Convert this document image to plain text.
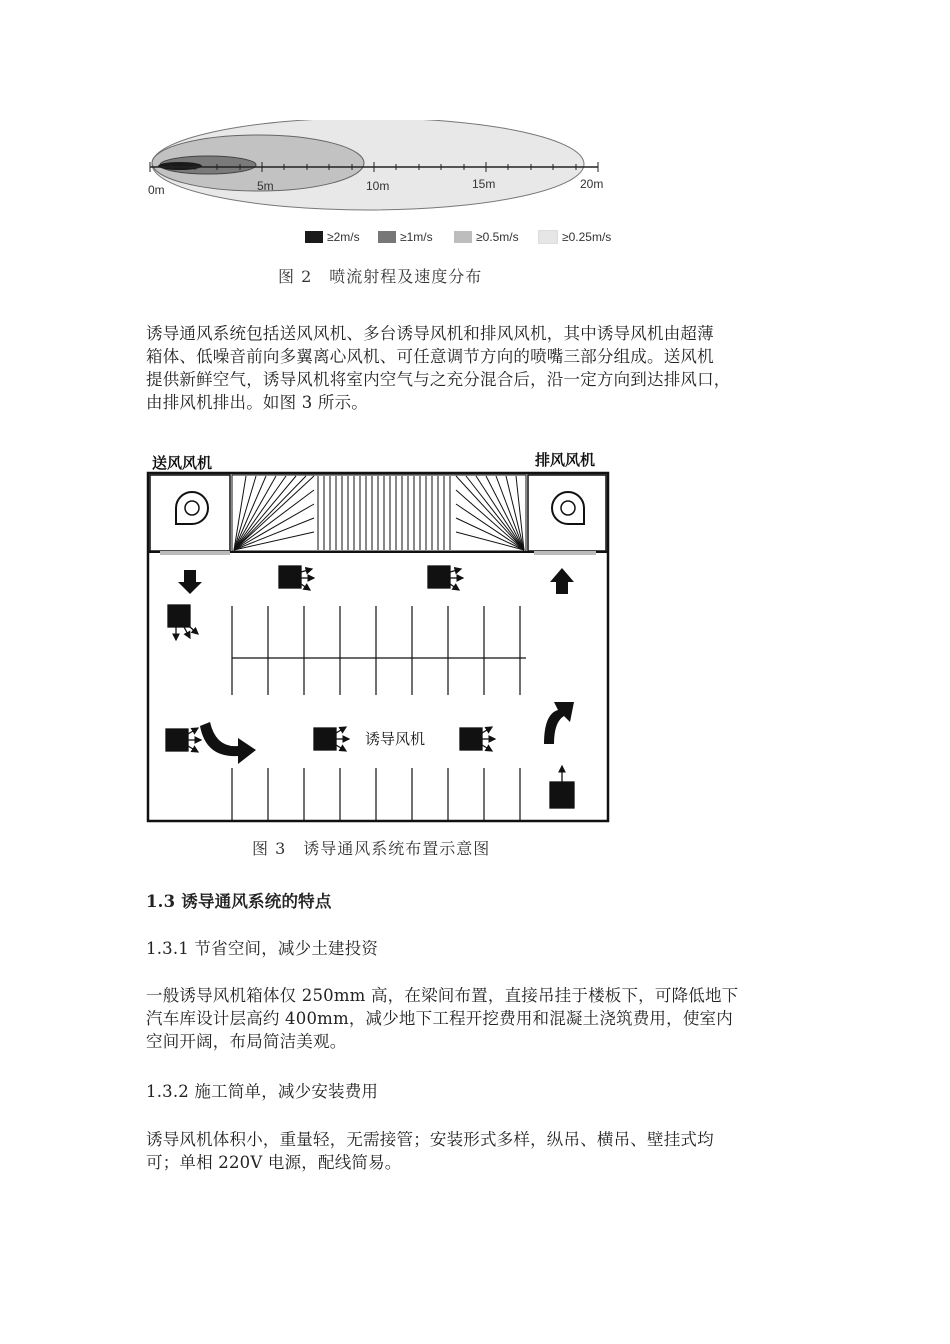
0m	5m	10m	15m	20m
≥2m/s	≥1m/s	≥0.5m/s	≥0.25m/s
图 2　喷流射程及速度分布

诱导通风系统包括送风风机、多台诱导风机和排风风机，其中诱导风机由超薄
箱体、低噪音前向多翼离心风机、可任意调节方向的喷嘴三部分组成。送风机
提供新鲜空气，诱导风机将室内空气与之充分混合后，沿一定方向到达排风口，
由排风机排出。如图 3 所示。

送风风机	排风风机
诱导风机
图 3　诱导通风系统布置示意图

1.3 诱导通风系统的特点

1.3.1 节省空间，减少土建投资

一般诱导风机箱体仅 250mm 高，在梁间布置，直接吊挂于楼板下，可降低地下
汽车库设计层高约 400mm，减少地下工程开挖费用和混凝土浇筑费用，使室内
空间开阔，布局简洁美观。

1.3.2 施工简单，减少安装费用

诱导风机体积小，重量轻，无需接管；安装形式多样，纵吊、横吊、壁挂式均
可；单相 220V 电源，配线简易。
